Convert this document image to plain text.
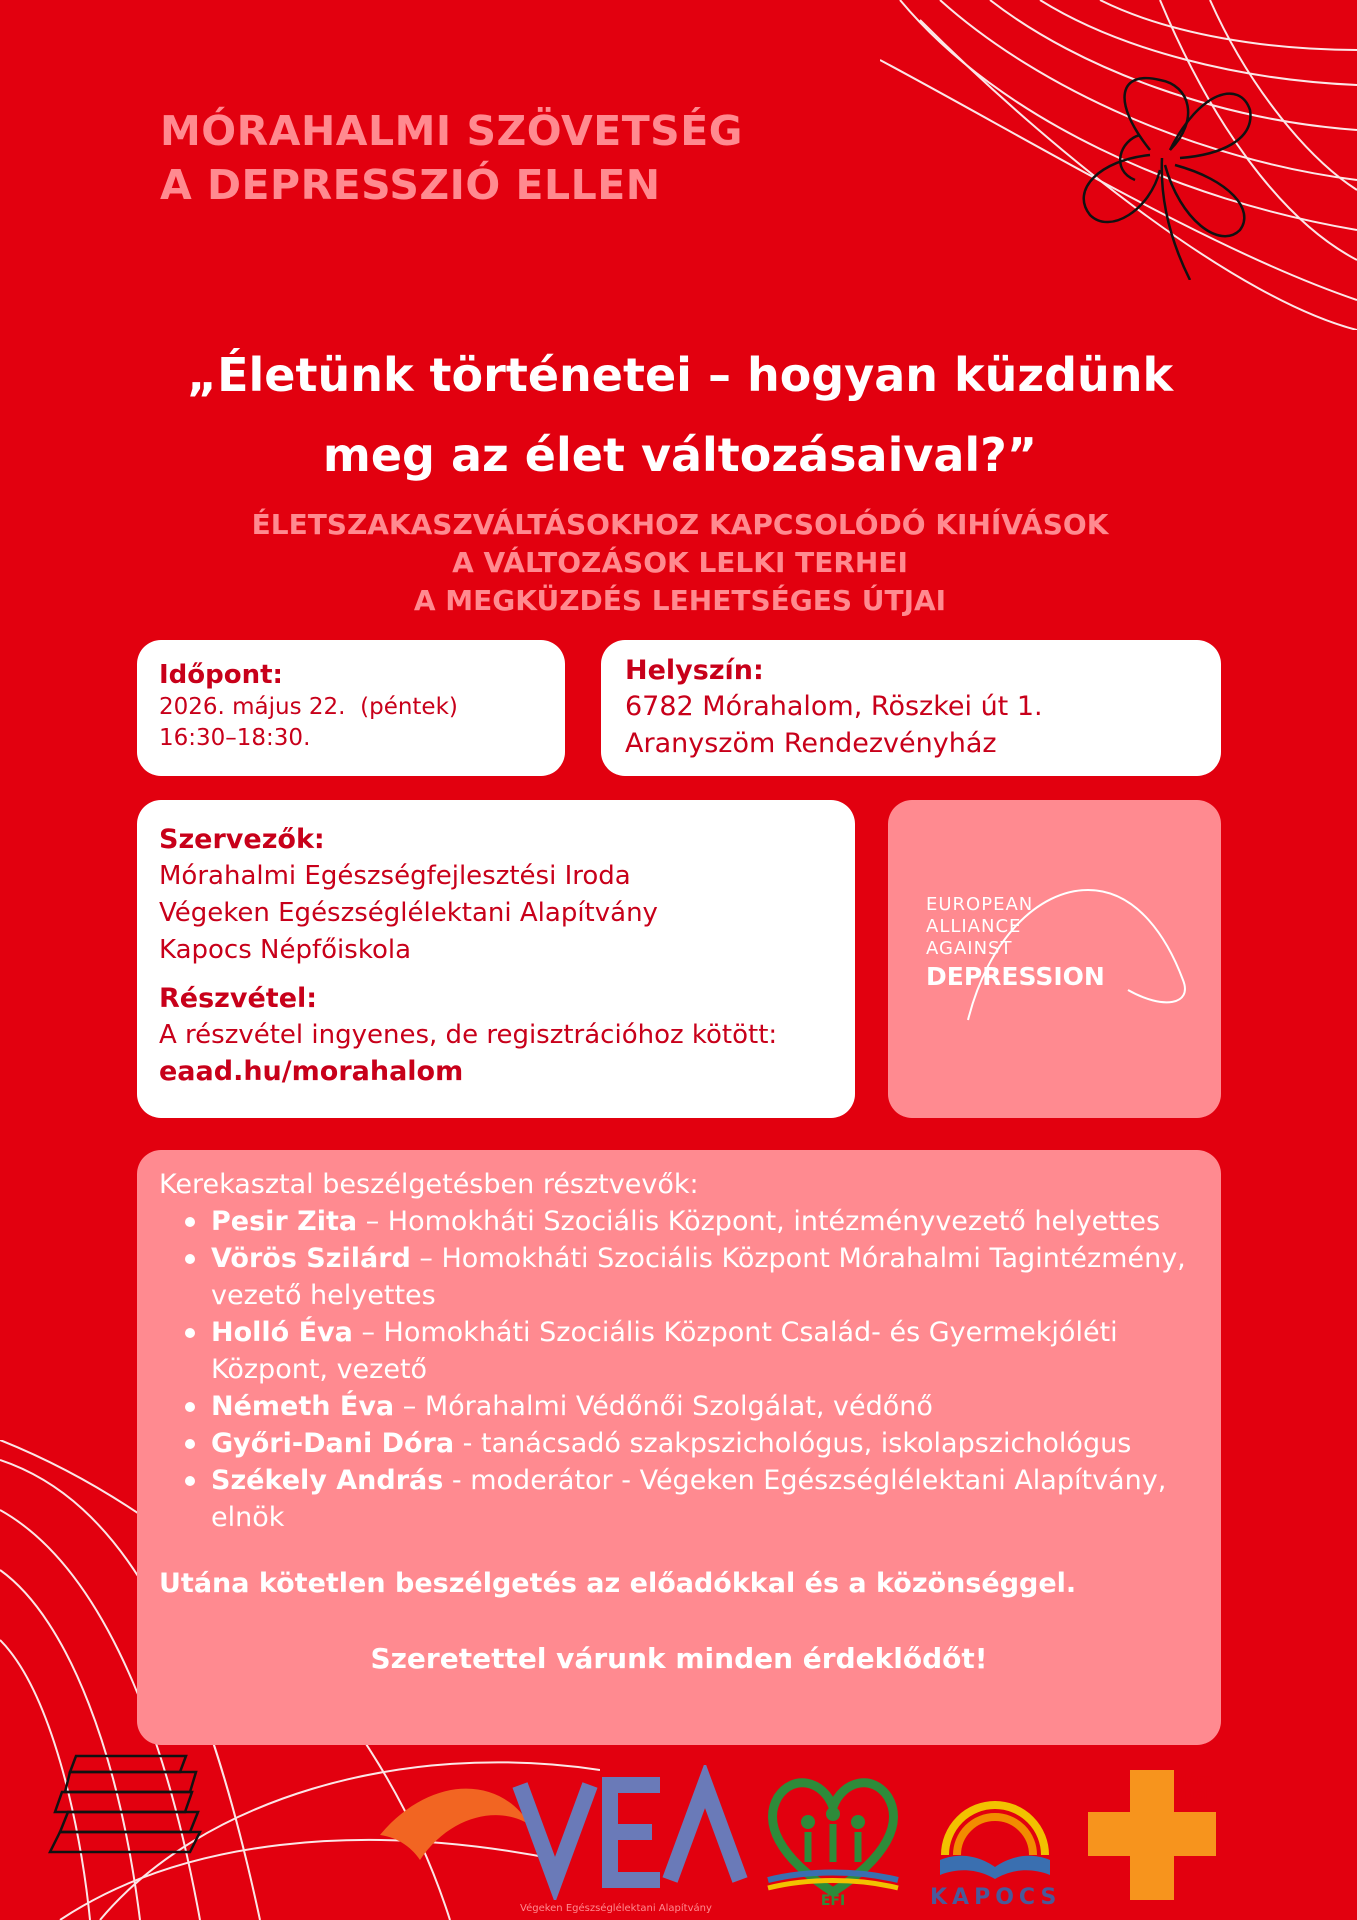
MÓRAHALMI SZÖVETSÉG
A DEPRESSZIÓ ELLEN
„Életünk történetei – hogyan küzdünk
meg az élet változásaival?”
ÉLETSZAKASZVÁLTÁSOKHOZ KAPCSOLÓDÓ KIHÍVÁSOK
A VÁLTOZÁSOK LELKI TERHEI
A MEGKÜZDÉS LEHETSÉGES ÚTJAI
Időpont:
2026. május 22.  (péntek)
16:30–18:30.
Helyszín:
6782 Mórahalom, Röszkei út 1.
Aranyszöm Rendezvényház
Szervezők:
Mórahalmi Egészségfejlesztési Iroda
Végeken Egészséglélektani Alapítvány
Kapocs Népfőiskola
Részvétel:
A részvétel ingyenes, de regisztrációhoz kötött:
eaad.hu/morahalom
EUROPEAN
ALLIANCE
AGAINST
DEPRESSION
Kerekasztal beszélgetésben résztvevők:
Pesir Zita – Homokháti Szociális Központ, intézményvezető helyettes
Vörös Szilárd – Homokháti Szociális Központ Mórahalmi Tagintézmény, vezető helyettes
Holló Éva – Homokháti Szociális Központ Család- és Gyermekjóléti Központ, vezető
Németh Éva – Mórahalmi Védőnői Szolgálat, védőnő
Győri-Dani Dóra - tanácsadó szakpszichológus, iskolapszichológus
Székely András - moderátor - Végeken Egészséglélektani Alapítvány, elnök
Utána kötetlen beszélgetés az előadókkal és a közönséggel.
Szeretettel várunk minden érdeklődőt!
Végeken Egészséglélektani Alapítvány	EFI	KAPOCS
Móra Vital
